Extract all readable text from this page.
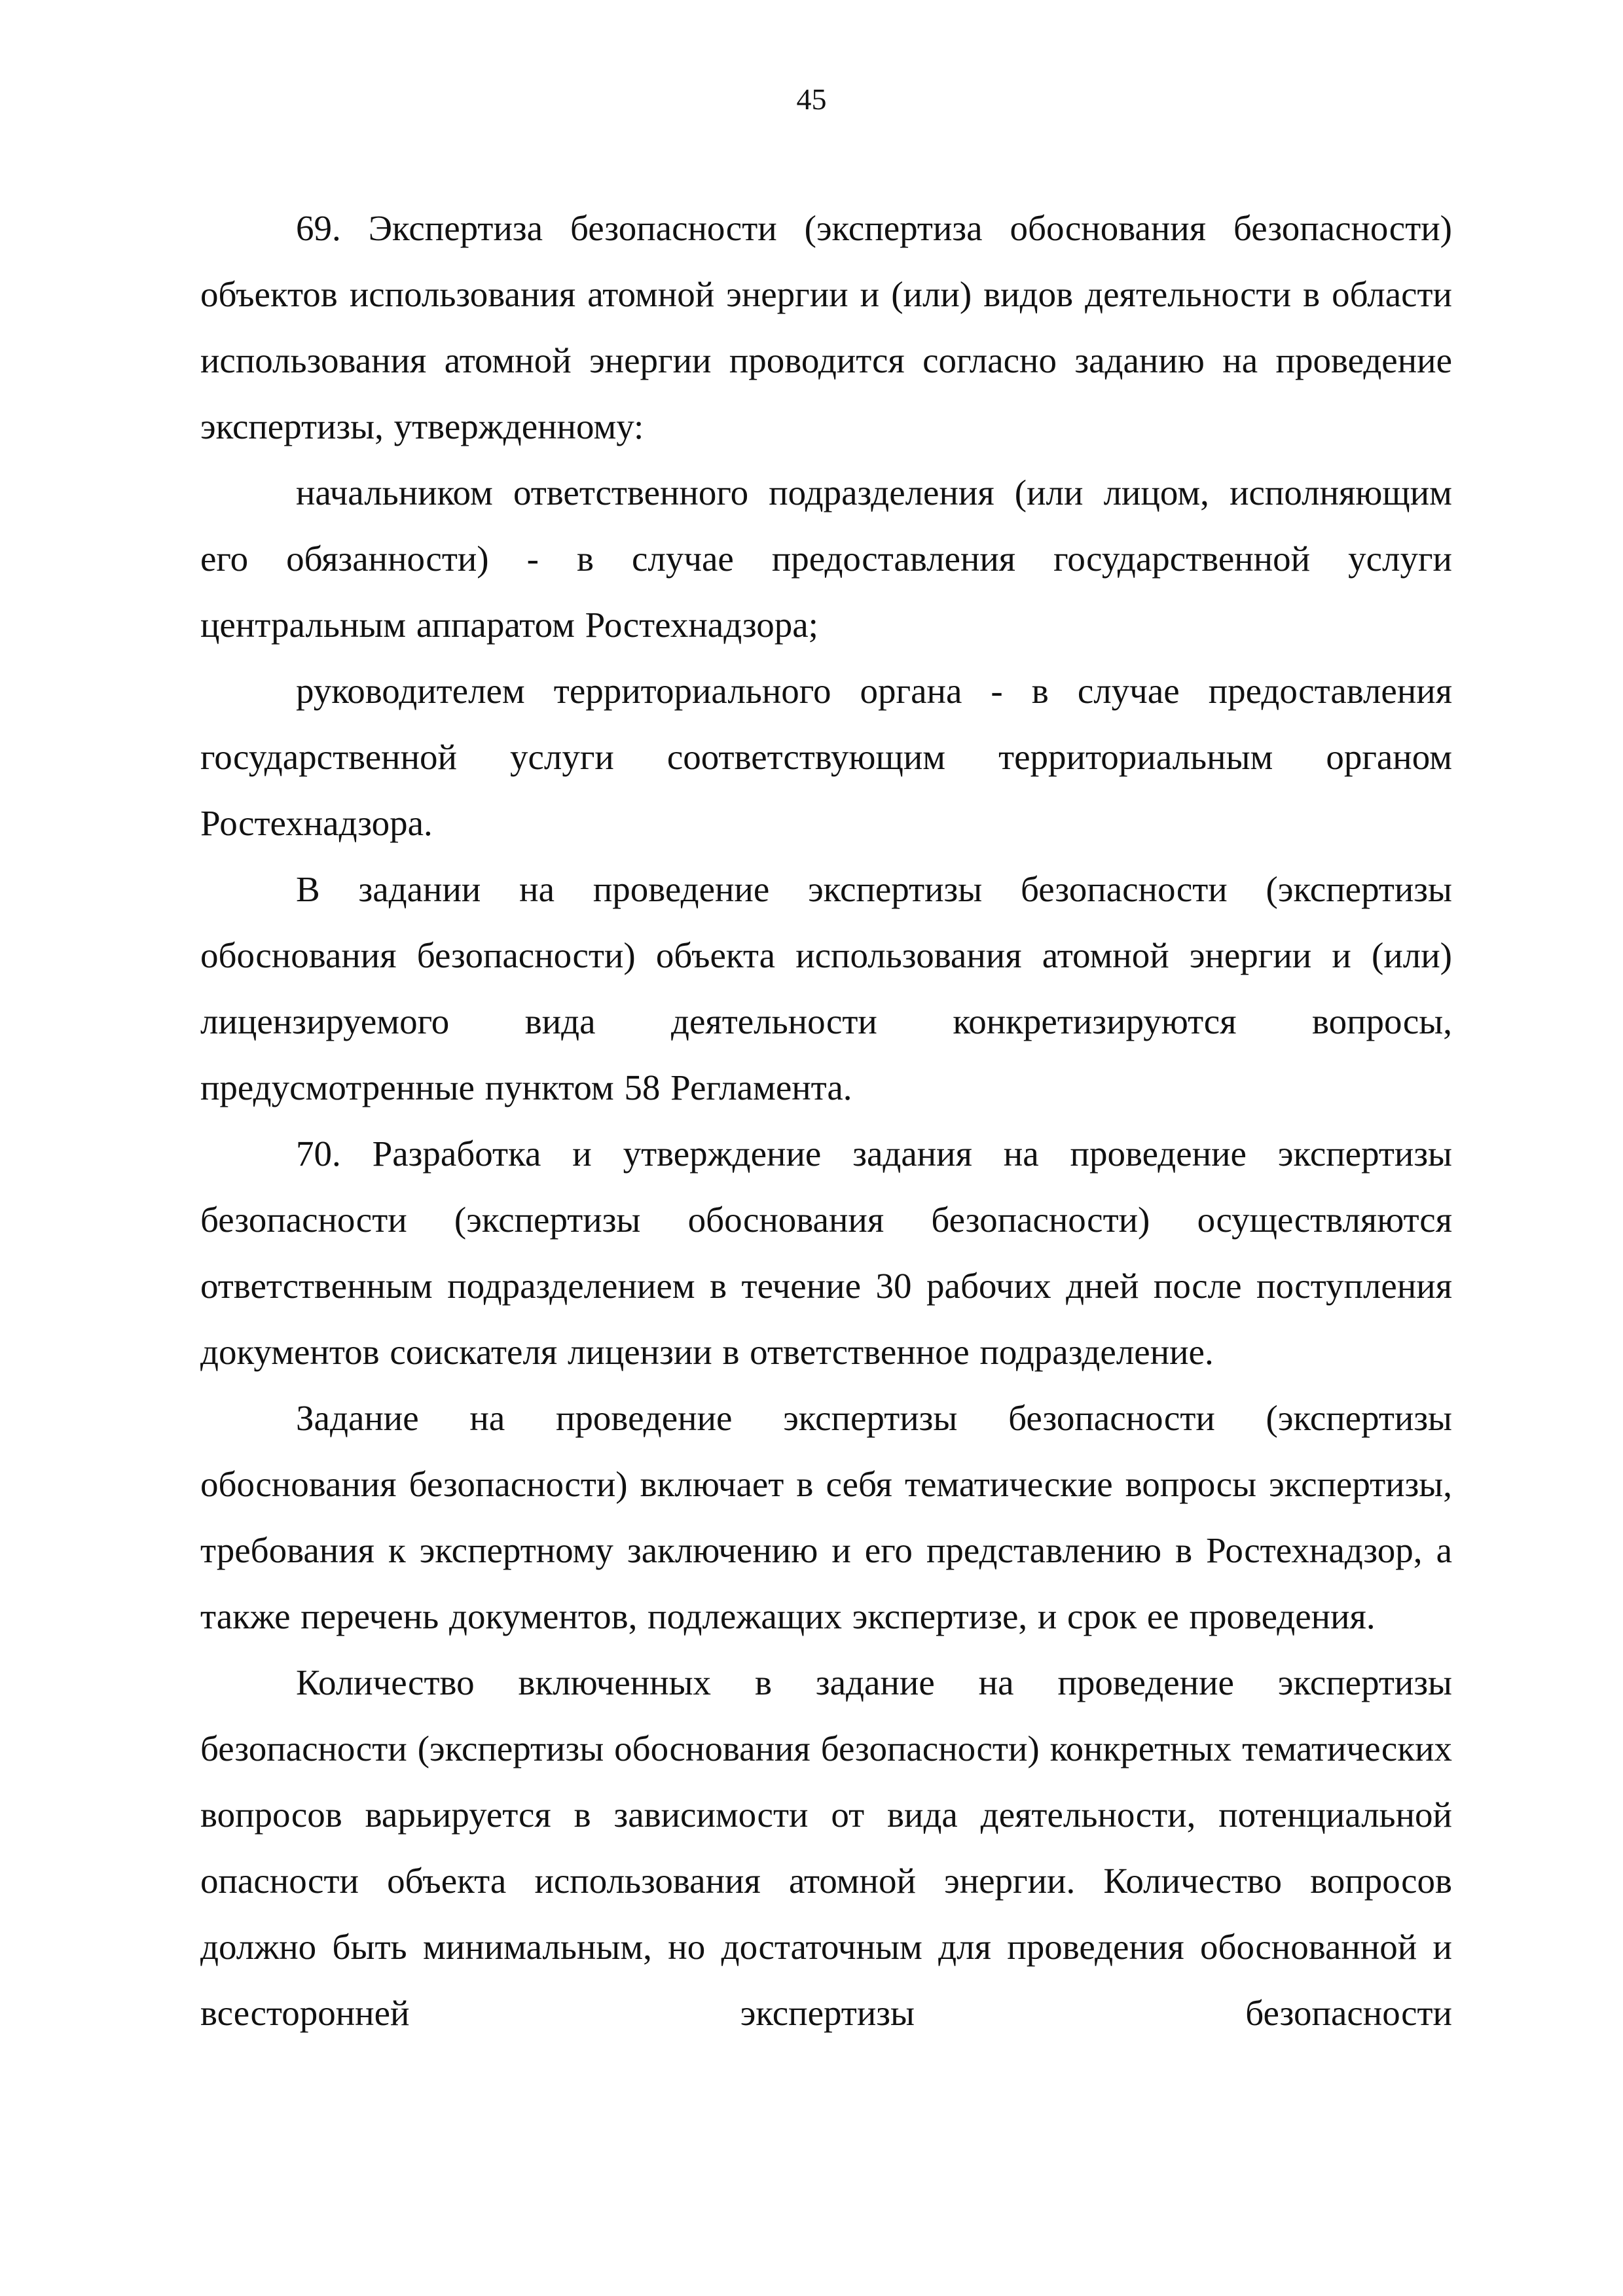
45

69. Экспертиза безопасности (экспертиза обоснования безопасности) объектов использования атомной энергии и (или) видов деятельности в области использования атомной энергии проводится согласно заданию на проведение экспертизы, утвержденному:

начальником ответственного подразделения (или лицом, исполняющим его обязанности) - в случае предоставления государственной услуги центральным аппаратом Ростехнадзора;

руководителем территориального органа - в случае предоставления государственной услуги соответствующим территориальным органом Ростехнадзора.

В задании на проведение экспертизы безопасности (экспертизы обоснования безопасности) объекта использования атомной энергии и (или) лицензируемого вида деятельности конкретизируются вопросы, предусмотренные пунктом 58 Регламента.

70. Разработка и утверждение задания на проведение экспертизы безопасности (экспертизы обоснования безопасности) осуществляются ответственным подразделением в течение 30 рабочих дней после поступления документов соискателя лицензии в ответственное подразделение.

Задание на проведение экспертизы безопасности (экспертизы обоснования безопасности) включает в себя тематические вопросы экспертизы, требования к экспертному заключению и его представлению в Ростехнадзор, а также перечень документов, подлежащих экспертизе, и срок ее проведения.

Количество включенных в задание на проведение экспертизы безопасности (экспертизы обоснования безопасности) конкретных тематических вопросов варьируется в зависимости от вида деятельности, потенциальной опасности объекта использования атомной энергии. Количество вопросов должно быть минимальным, но достаточным для проведения обоснованной и всесторонней экспертизы безопасности
